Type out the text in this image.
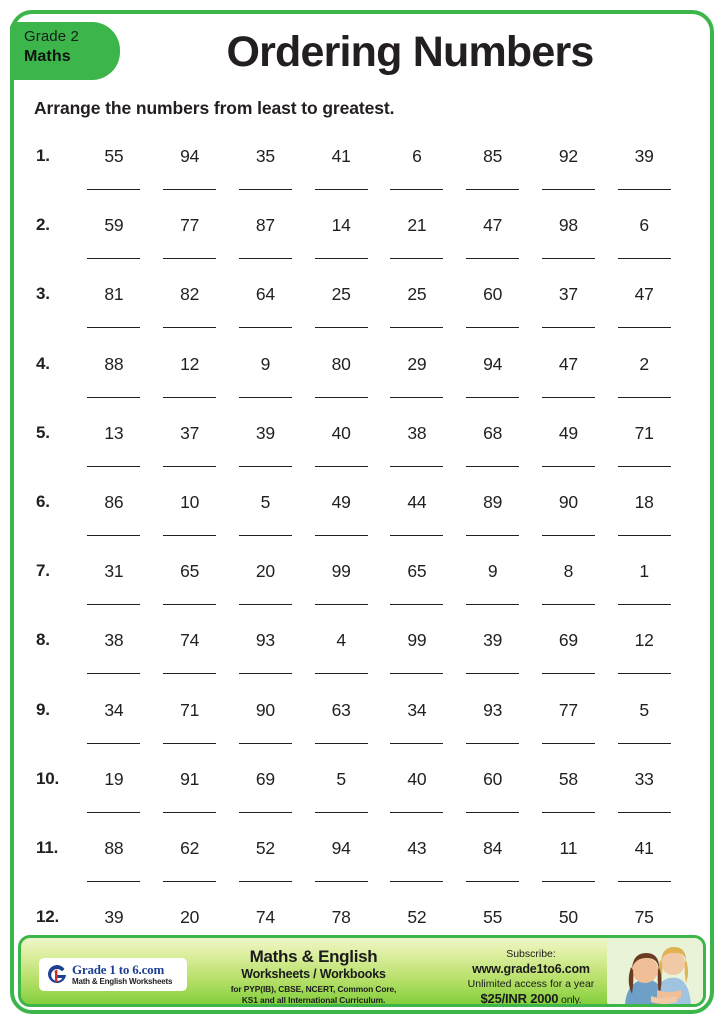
Grade 2
Maths	Ordering Numbers
Arrange the numbers from least to greatest.
1.	55	94	35	41	6	85	92	39
2.	59	77	87	14	21	47	98	6
3.	81	82	64	25	25	60	37	47
4.	88	12	9	80	29	94	47	2
5.	13	37	39	40	38	68	49	71
6.	86	10	5	49	44	89	90	18
7.	31	65	20	99	65	9	8	1
8.	38	74	93	4	99	39	69	12
9.	34	71	90	63	34	93	77	5
10.	19	91	69	5	40	60	58	33
11.	88	62	52	94	43	84	11	41
12.	39	20	74	78	52	55	50	75
Grade 1 to 6.com
Math & English Worksheets
Maths & English
Worksheets / Workbooks
for PYP(IB), CBSE, NCERT, Common Core,
KS1 and all International Curriculum.
Subscribe:
www.grade1to6.com
Unlimited access for a year
$25/INR 2000 only.
